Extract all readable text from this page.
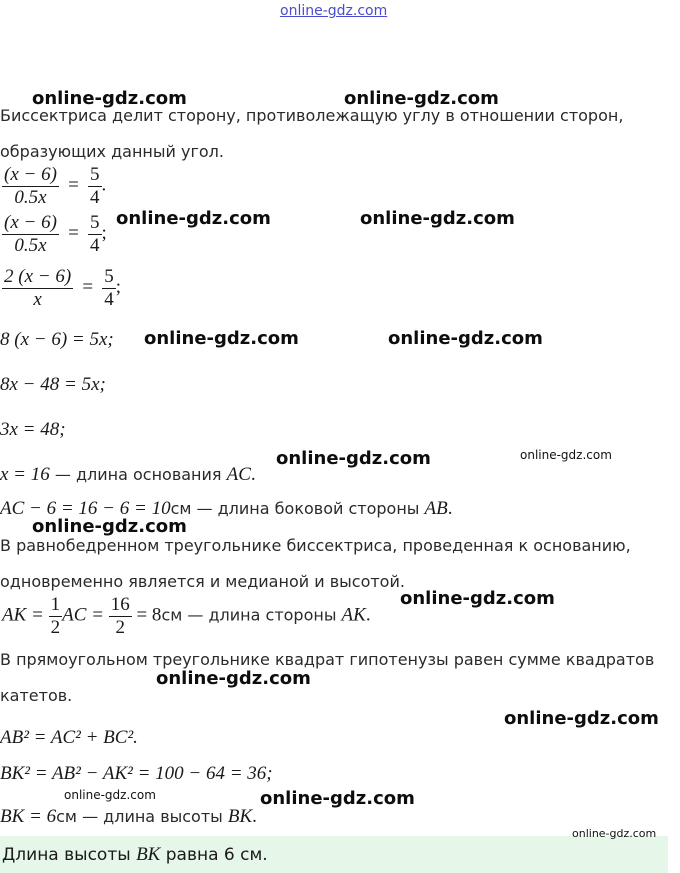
online-gdz.com
Биссектриса делит сторону, противолежащую углу в отношении сторон,
образующих данный угол.
$\frac{(x - 6)}{0.5x} = \frac{5}{4}$ .
$\frac{(x - 6)}{0.5x} = \frac{5}{4}$ ;
$\frac{2 (x - 6)}{x} = \frac{5}{4}$ ;
8 (x − 6) = 5x;
8x − 48 = 5x;
3x = 48;
x = 16 — длина основания AC.
AC − 6 = 16 − 6 = 10см — длина боковой стороны AB.
В равнобедренном треугольнике биссектриса, проведенная к основанию,
одновременно является и медианой и высотой.
AK = $\frac{1}{2}$ AC = $\frac{16}{2} = 8см$ — длина стороны AK.
В прямоугольном треугольнике квадрат гипотенузы равен сумме квадратов
катетов.
AB² = AC² + BC².
BK² = AB² − AK² = 100 − 64 = 36;
BK = 6см — длина высоты BK.
Длина высоты BK равна 6 см.
online-gdz.com	online-gdz.com
online-gdz.com	online-gdz.com
online-gdz.com	online-gdz.com
online-gdz.com	online-gdz.com
online-gdz.com
online-gdz.com
online-gdz.com
online-gdz.com
online-gdz.com	online-gdz.com
online-gdz.com
